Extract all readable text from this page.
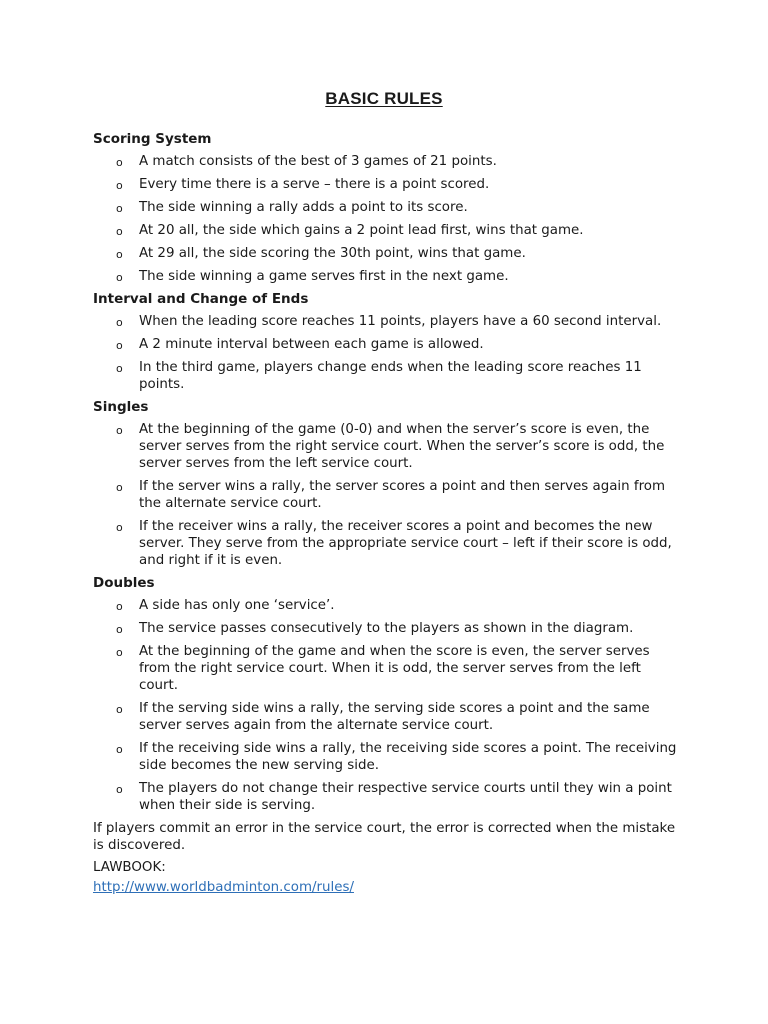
BASIC RULES
Scoring System
o A match consists of the best of 3 games of 21 points.
o Every time there is a serve – there is a point scored.
o The side winning a rally adds a point to its score.
o At 20 all, the side which gains a 2 point lead first, wins that game.
o At 29 all, the side scoring the 30th point, wins that game.
o The side winning a game serves first in the next game.
Interval and Change of Ends
o When the leading score reaches 11 points, players have a 60 second interval.
o A 2 minute interval between each game is allowed.
o In the third game, players change ends when the leading score reaches 11 points.
Singles
o At the beginning of the game (0-0) and when the server’s score is even, the server serves from the right service court. When the server’s score is odd, the server serves from the left service court.
o If the server wins a rally, the server scores a point and then serves again from the alternate service court.
o If the receiver wins a rally, the receiver scores a point and becomes the new server. They serve from the appropriate service court – left if their score is odd, and right if it is even.
Doubles
o A side has only one ‘service’.
o The service passes consecutively to the players as shown in the diagram.
o At the beginning of the game and when the score is even, the server serves from the right service court. When it is odd, the server serves from the left court.
o If the serving side wins a rally, the serving side scores a point and the same server serves again from the alternate service court.
o If the receiving side wins a rally, the receiving side scores a point. The receiving side becomes the new serving side.
o The players do not change their respective service courts until they win a point when their side is serving.
If players commit an error in the service court, the error is corrected when the mistake is discovered.
LAWBOOK:
http://www.worldbadminton.com/rules/
